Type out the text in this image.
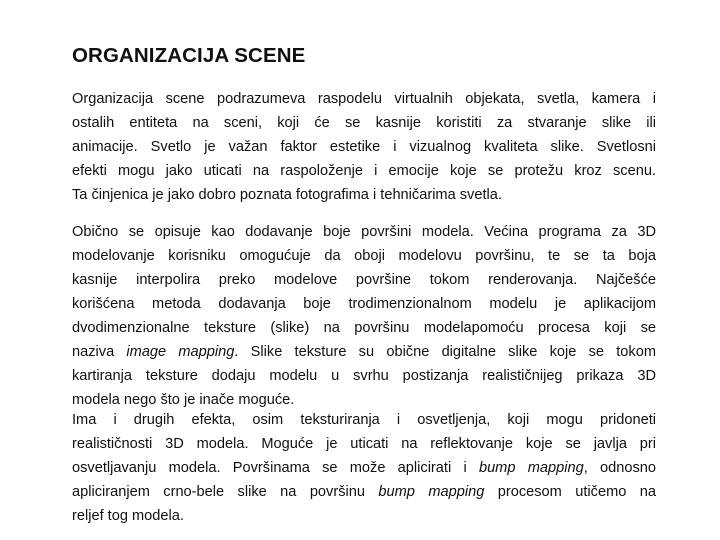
ORGANIZACIJA SCENE

Organizacija scene podrazumeva raspodelu virtualnih objekata, svetla, kamera i
ostalih entiteta na sceni, koji će se kasnije koristiti za stvaranje slike ili
animacije. Svetlo je važan faktor estetike i vizualnog kvaliteta slike. Svetlosni
efekti mogu jako uticati na raspoloženje i emocije koje se protežu kroz scenu.
Ta činjenica je jako dobro poznata fotografima i tehničarima svetla.

Obično se opisuje kao dodavanje boje površini modela. Većina programa za 3D
modelovanje korisniku omogućuje da oboji modelovu površinu, te se ta boja
kasnije interpolira preko modelove površine tokom renderovanja. Najčešće
korišćena metoda dodavanja boje trodimenzionalnom modelu je aplikacijom
dvodimenzionalne teksture (slike) na površinu modelapomoću procesa koji se
naziva image mapping. Slike teksture su obične digitalne slike koje se tokom
kartiranja teksture dodaju modelu u svrhu postizanja realističnijeg prikaza 3D
modela nego što je inače moguće.

Ima i drugih efekta, osim teksturiranja i osvetljenja, koji mogu pridoneti
realističnosti 3D modela. Moguće je uticati na reflektovanje koje se javlja pri
osvetljavanju modela. Površinama se može aplicirati i bump mapping, odnosno
apliciranjem crno-bele slike na površinu bump mapping procesom utičemo na
reljef tog modela.
